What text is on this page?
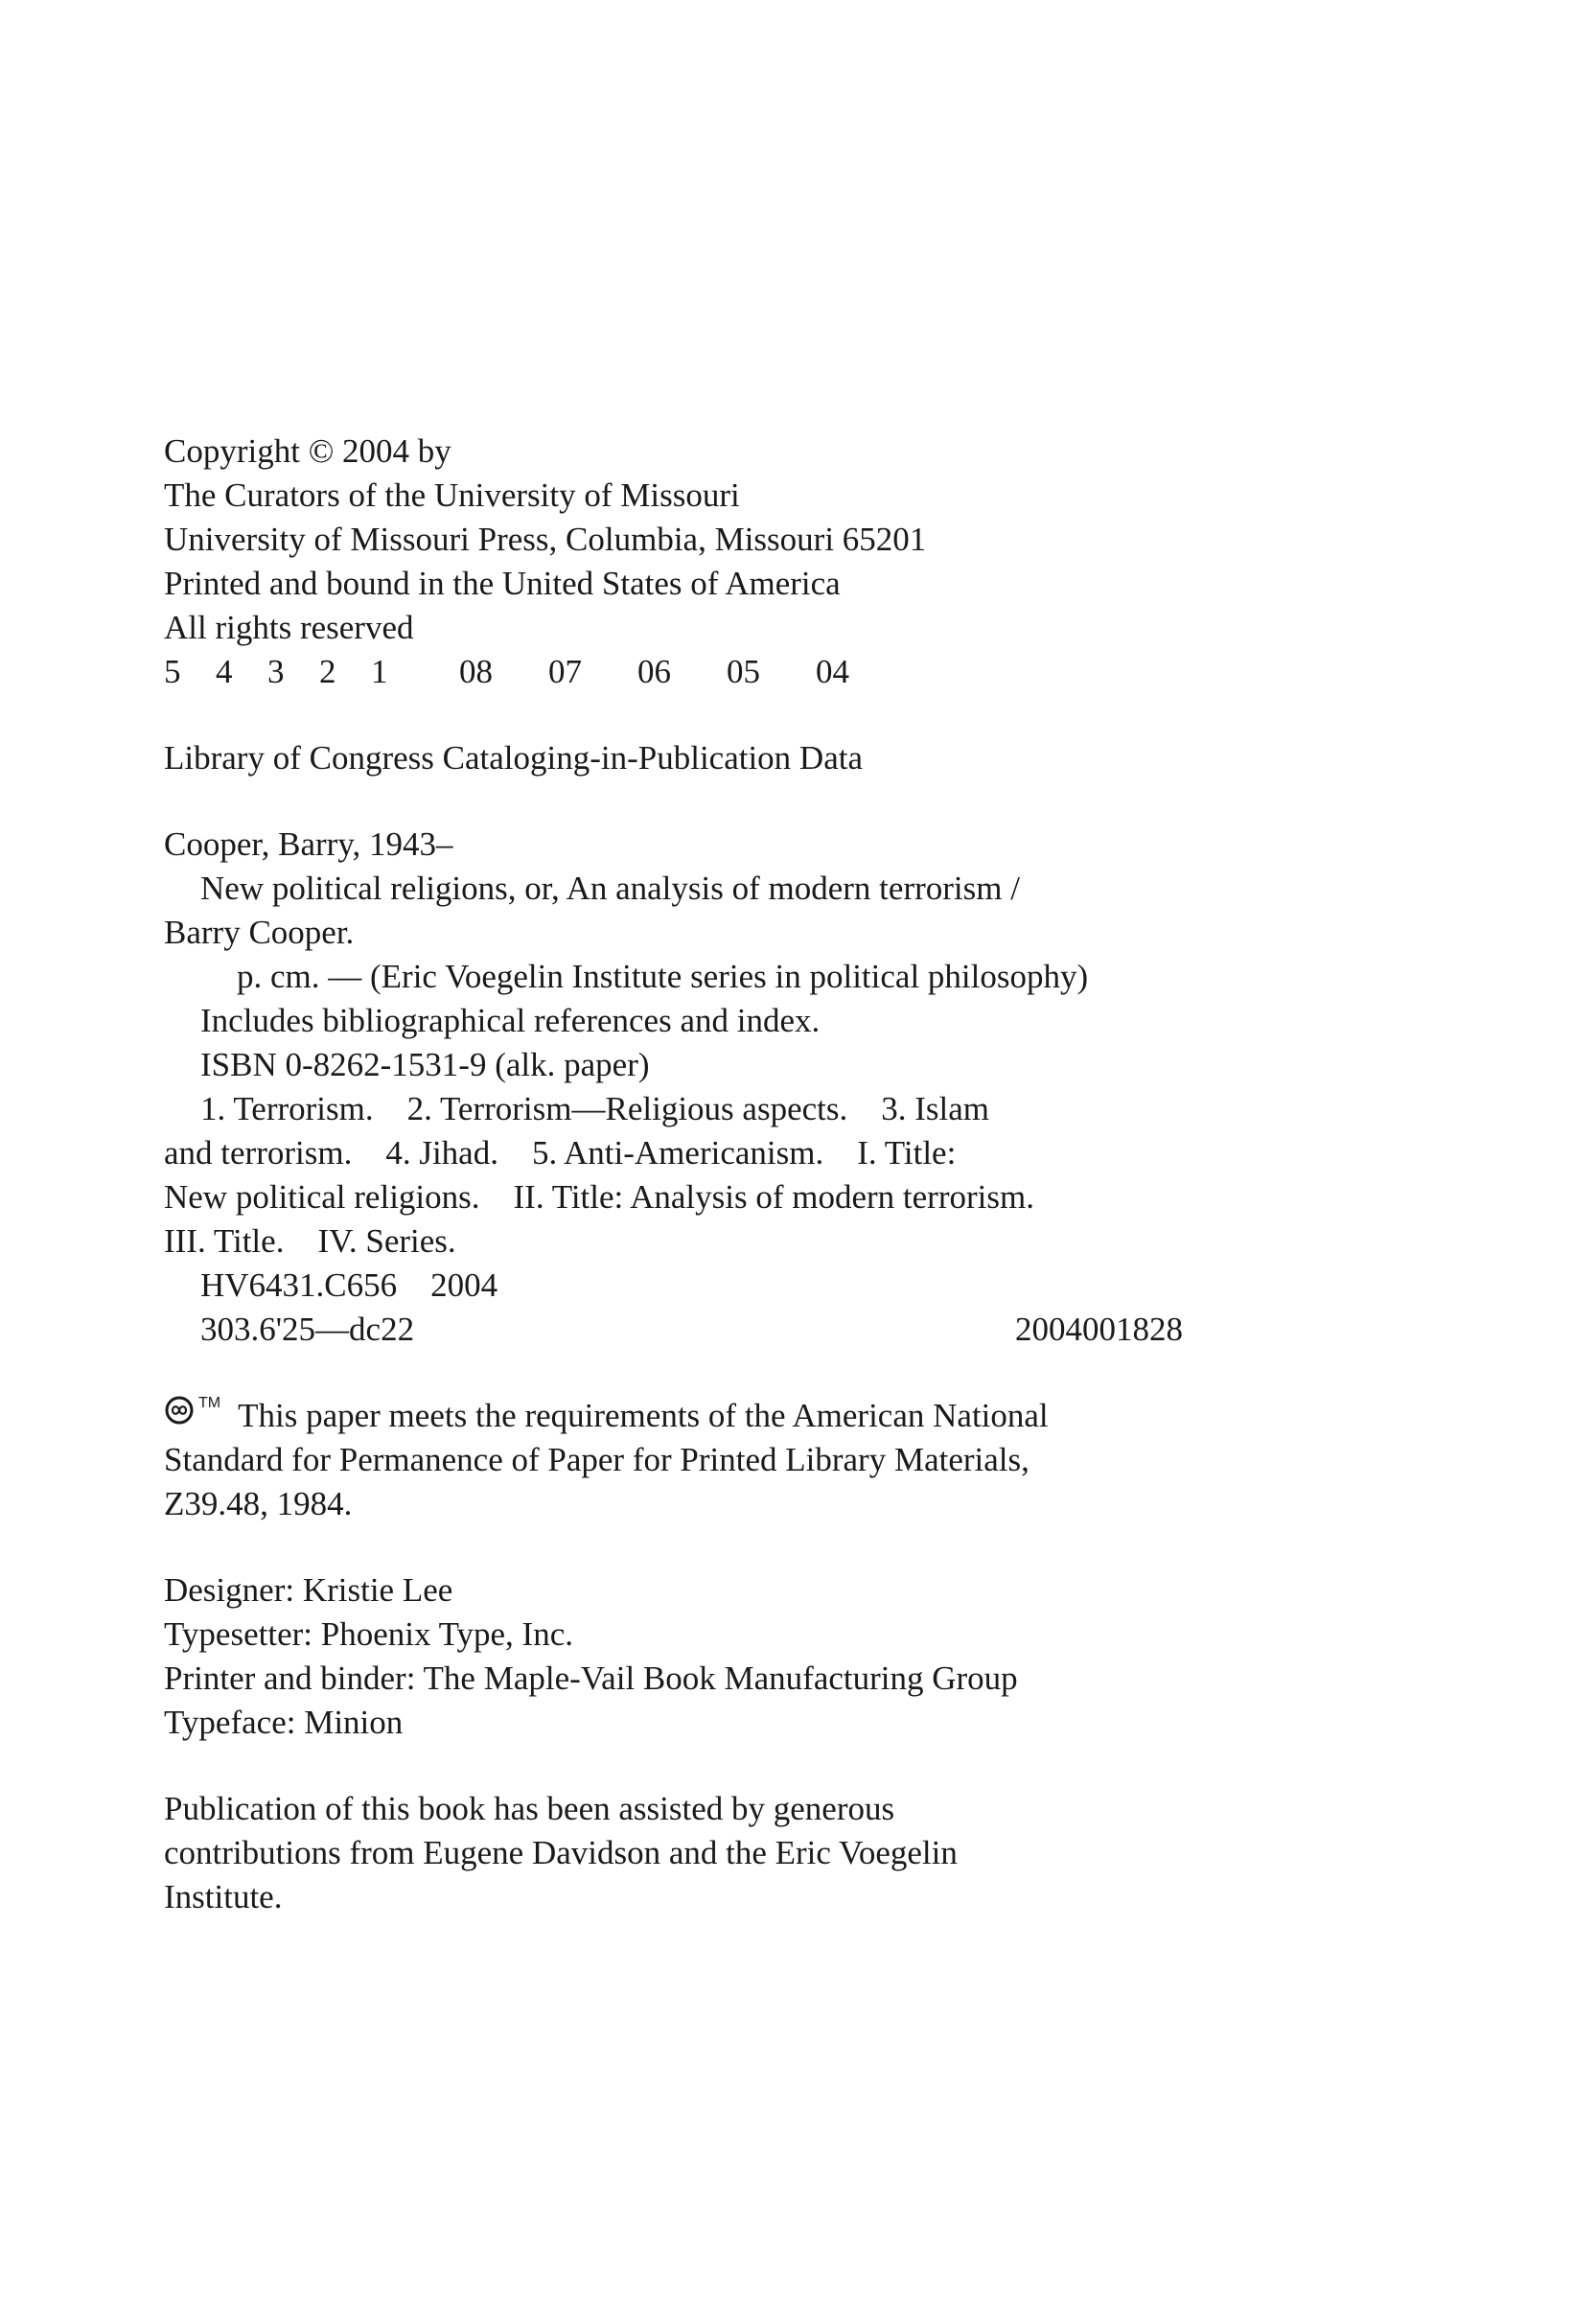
Copyright © 2004 by
The Curators of the University of Missouri
University of Missouri Press, Columbia, Missouri 65201
Printed and bound in the United States of America
All rights reserved
5 4 3 2 1 08 07 06 05 04
Library of Congress Cataloging-in-Publication Data
Cooper, Barry, 1943–
New political religions, or, An analysis of modern terrorism /
Barry Cooper.
p. cm. — (Eric Voegelin Institute series in political philosophy)
Includes bibliographical references and index.
ISBN 0-8262-1531-9 (alk. paper)
1. Terrorism.    2. Terrorism—Religious aspects.    3. Islam
and terrorism.    4. Jihad.    5. Anti-Americanism.    I. Title:
New political religions.    II. Title: Analysis of modern terrorism.
III. Title.    IV. Series.
HV6431.C656    2004
303.6'25—dc22	2004001828
TM This paper meets the requirements of the American National
Standard for Permanence of Paper for Printed Library Materials,
Z39.48, 1984.
Designer: Kristie Lee
Typesetter: Phoenix Type, Inc.
Printer and binder: The Maple-Vail Book Manufacturing Group
Typeface: Minion
Publication of this book has been assisted by generous
contributions from Eugene Davidson and the Eric Voegelin
Institute.
